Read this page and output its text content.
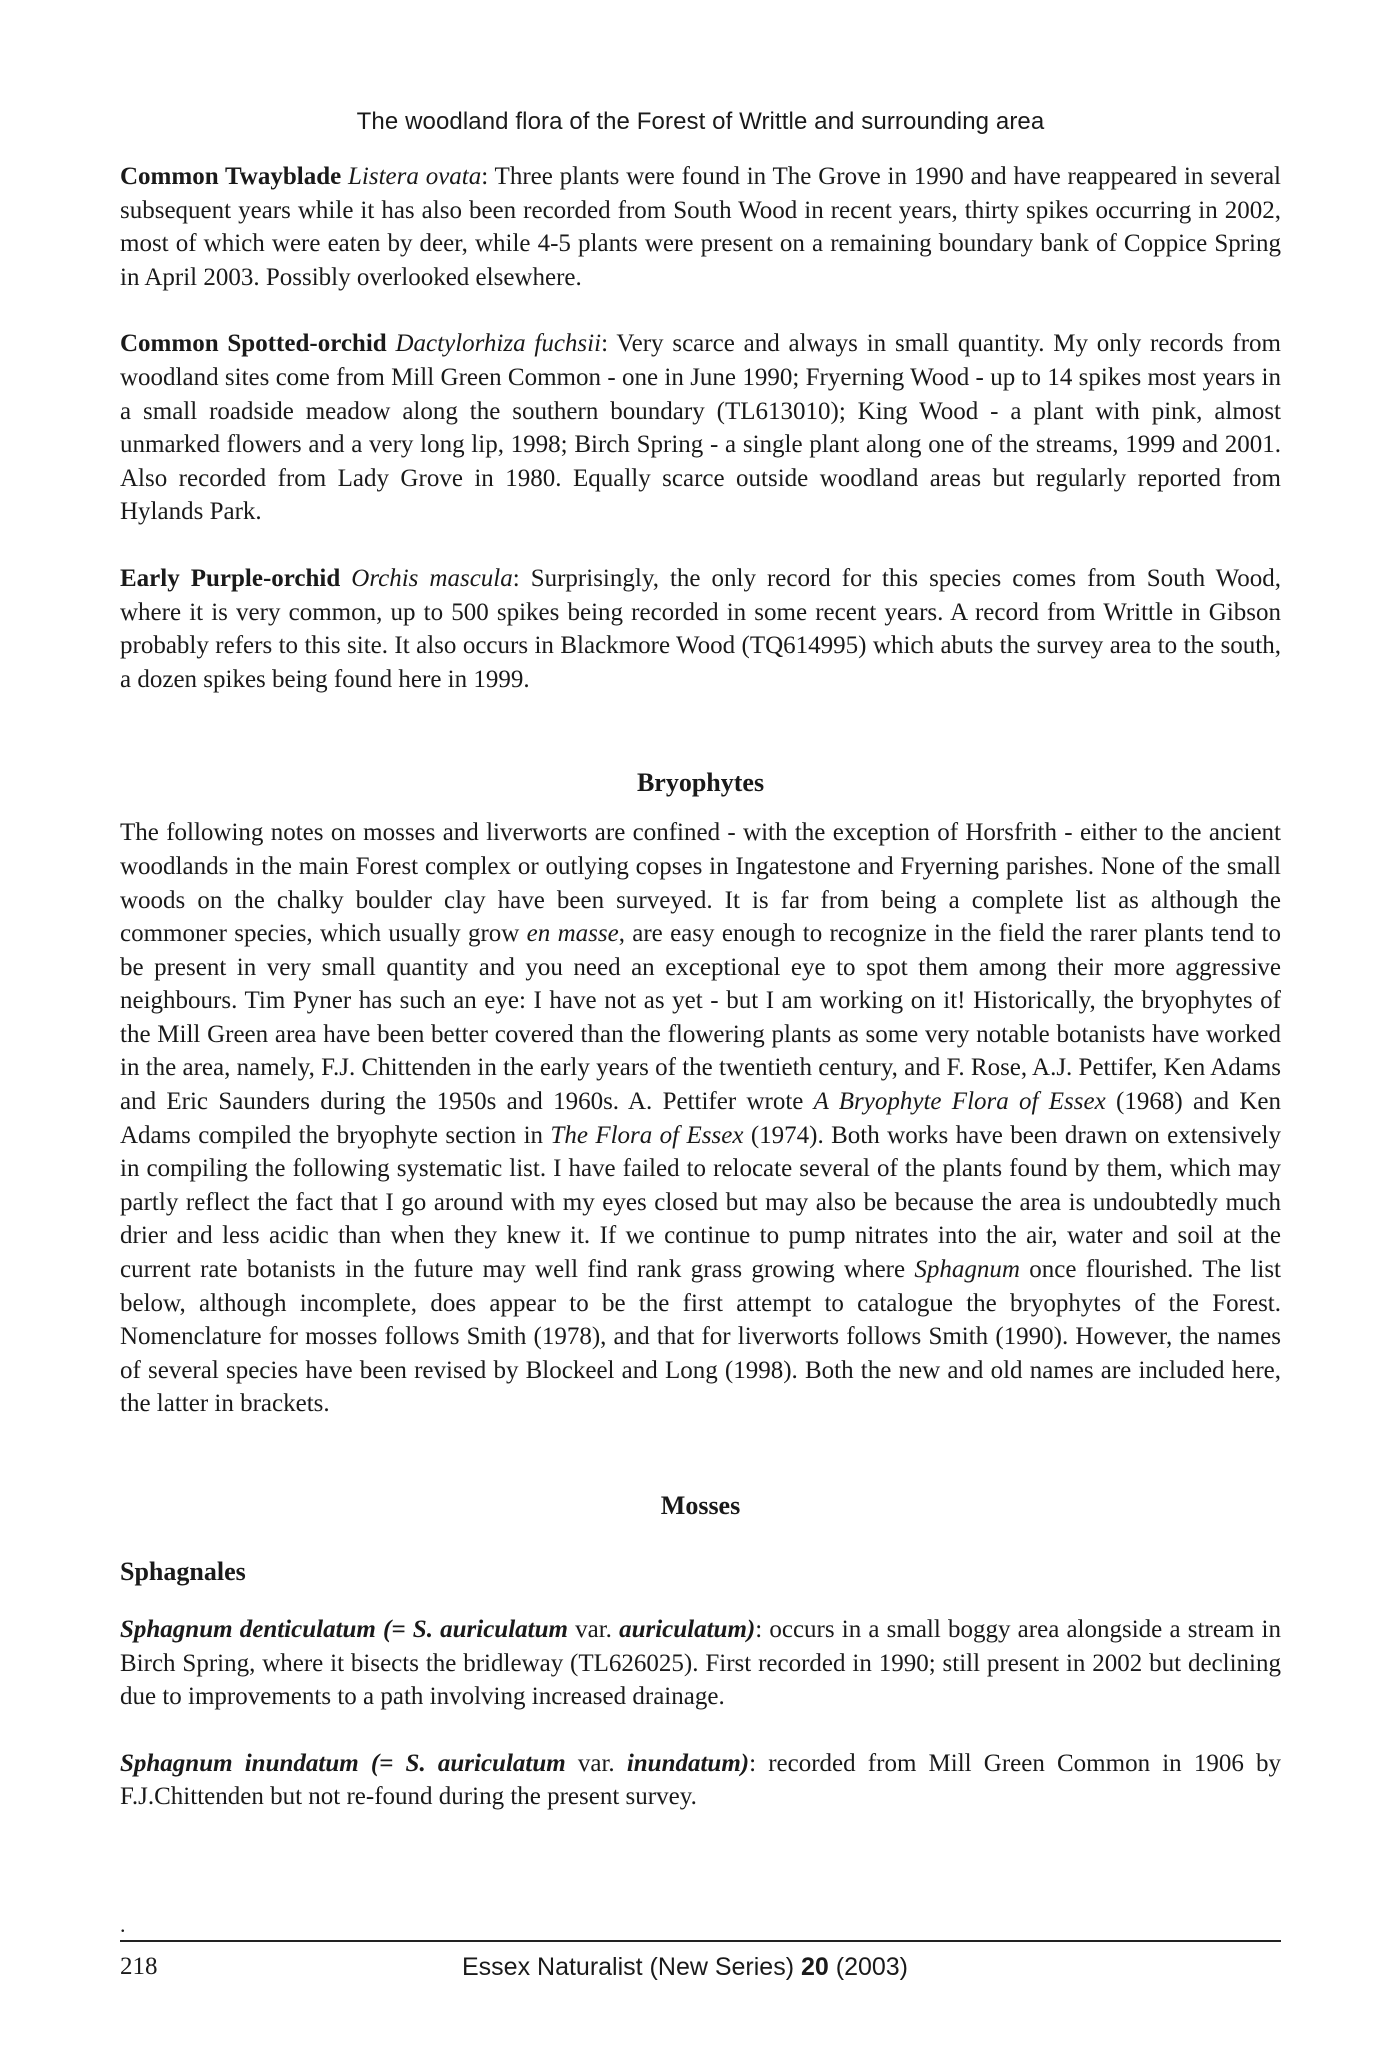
The woodland flora of the Forest of Writtle and surrounding area

Common Twayblade Listera ovata: Three plants were found in The Grove in 1990 and have reappeared in several subsequent years while it has also been recorded from South Wood in recent years, thirty spikes occurring in 2002, most of which were eaten by deer, while 4-5 plants were present on a remaining boundary bank of Coppice Spring in April 2003. Possibly overlooked elsewhere.

Common Spotted-orchid Dactylorhiza fuchsii: Very scarce and always in small quantity. My only records from woodland sites come from Mill Green Common - one in June 1990; Fryerning Wood - up to 14 spikes most years in a small roadside meadow along the southern boundary (TL613010); King Wood - a plant with pink, almost unmarked flowers and a very long lip, 1998; Birch Spring - a single plant along one of the streams, 1999 and 2001. Also recorded from Lady Grove in 1980. Equally scarce outside woodland areas but regularly reported from Hylands Park.

Early Purple-orchid Orchis mascula: Surprisingly, the only record for this species comes from South Wood, where it is very common, up to 500 spikes being recorded in some recent years. A record from Writtle in Gibson probably refers to this site. It also occurs in Blackmore Wood (TQ614995) which abuts the survey area to the south, a dozen spikes being found here in 1999.

Bryophytes

The following notes on mosses and liverworts are confined - with the exception of Horsfrith - either to the ancient woodlands in the main Forest complex or outlying copses in Ingatestone and Fryerning parishes. None of the small woods on the chalky boulder clay have been surveyed. It is far from being a complete list as although the commoner species, which usually grow en masse, are easy enough to recognize in the field the rarer plants tend to be present in very small quantity and you need an exceptional eye to spot them among their more aggressive neighbours. Tim Pyner has such an eye: I have not as yet - but I am working on it! Historically, the bryophytes of the Mill Green area have been better covered than the flowering plants as some very notable botanists have worked in the area, namely, F.J. Chittenden in the early years of the twentieth century, and F. Rose, A.J. Pettifer, Ken Adams and Eric Saunders during the 1950s and 1960s. A. Pettifer wrote A Bryophyte Flora of Essex (1968) and Ken Adams compiled the bryophyte section in The Flora of Essex (1974). Both works have been drawn on extensively in compiling the following systematic list. I have failed to relocate several of the plants found by them, which may partly reflect the fact that I go around with my eyes closed but may also be because the area is undoubtedly much drier and less acidic than when they knew it. If we continue to pump nitrates into the air, water and soil at the current rate botanists in the future may well find rank grass growing where Sphagnum once flourished. The list below, although incomplete, does appear to be the first attempt to catalogue the bryophytes of the Forest. Nomenclature for mosses follows Smith (1978), and that for liverworts follows Smith (1990). However, the names of several species have been revised by Blockeel and Long (1998). Both the new and old names are included here, the latter in brackets.

Mosses
Sphagnales

Sphagnum denticulatum (= S. auriculatum var. auriculatum): occurs in a small boggy area alongside a stream in Birch Spring, where it bisects the bridleway (TL626025). First recorded in 1990; still present in 2002 but declining due to improvements to a path involving increased drainage.

Sphagnum inundatum (= S. auriculatum var. inundatum): recorded from Mill Green Common in 1906 by F.J.Chittenden but not re-found during the present survey.

.
218	Essex Naturalist (New Series) 20 (2003)
